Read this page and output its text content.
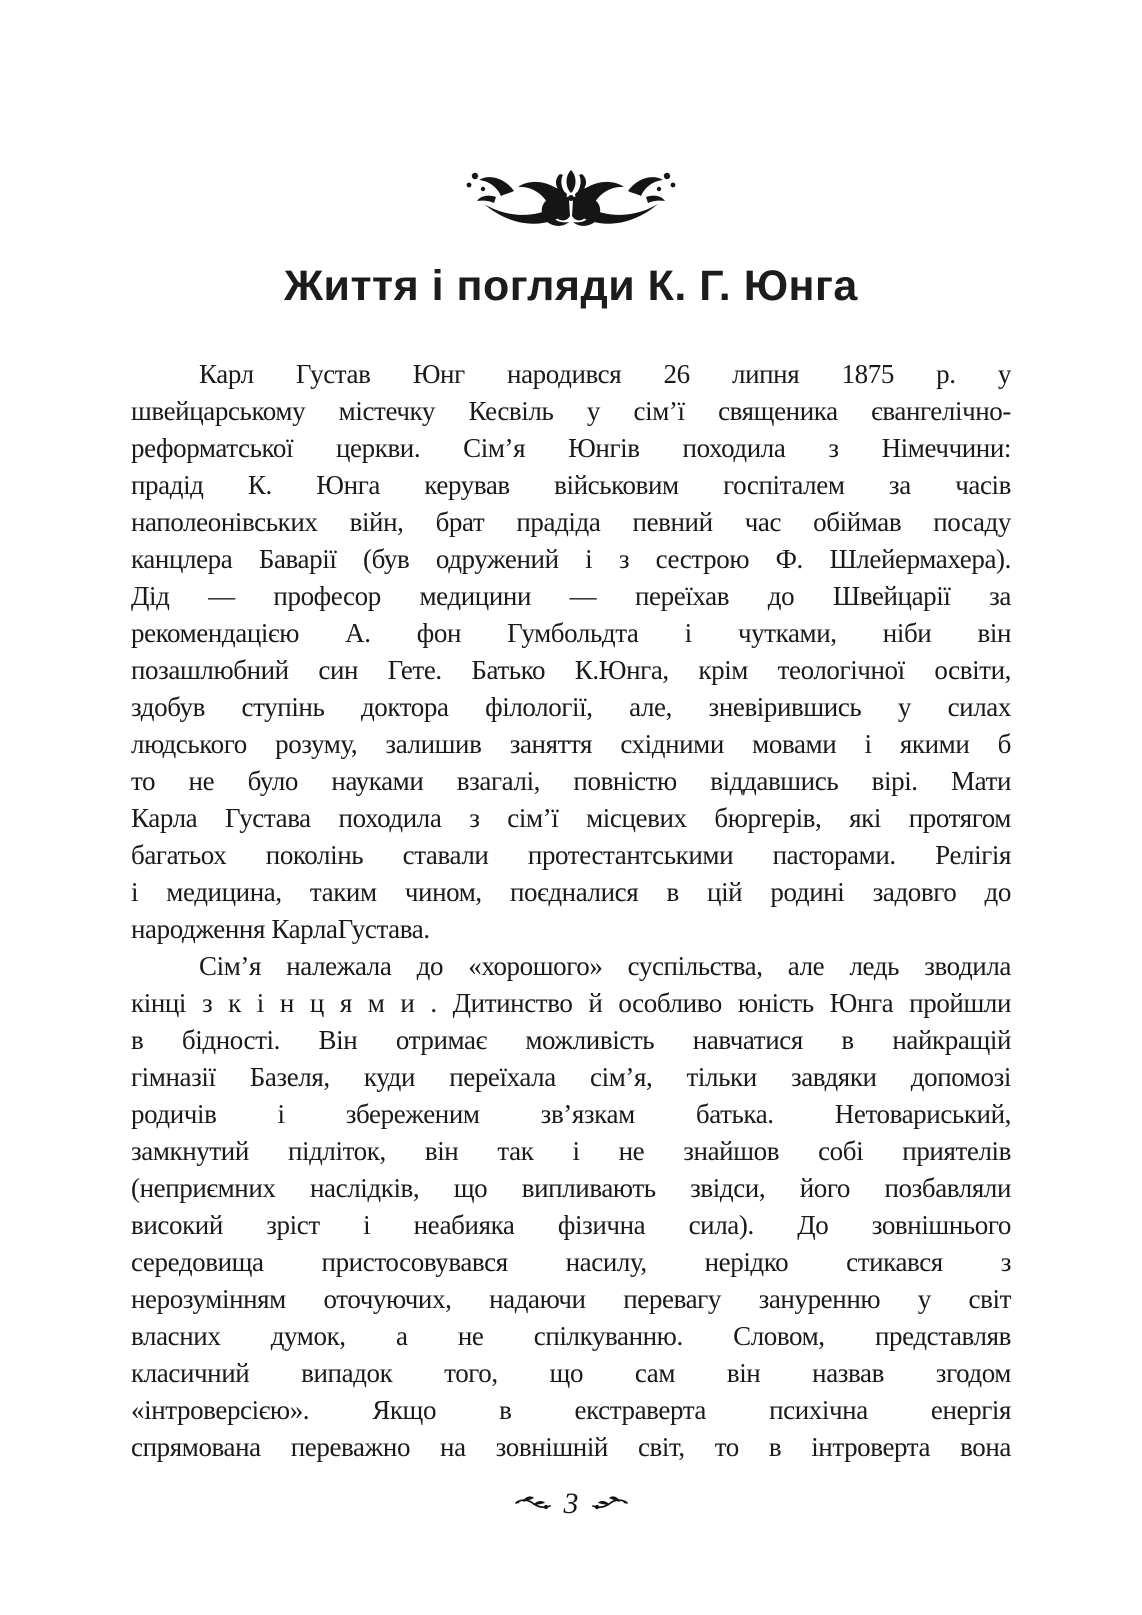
Життя і погляди К. Г. Юнга
Карл Густав Юнг народився 26 липня 1875 р. у
швейцарському містечку Кесвіль у сім’ї священика євангелічно-
реформатської церкви. Сім’я Юнгів походила з Німеччини:
прадід К. Юнга керував військовим госпіталем за часів
наполеонівських війн, брат прадіда певний час обіймав посаду
канцлера Баварії (був одружений і з сестрою Ф. Шлейермахера).
Дід — професор медицини — переїхав до Швейцарії за
рекомендацією А. фон Гумбольдта і чутками, ніби він
позашлюбний син Гете. Батько К.Юнга, крім теологічної освіти,
здобув ступінь доктора філології, але, зневірившись у силах
людського розуму, залишив заняття східними мовами і якими б
то не було науками взагалі, повністю віддавшись вірі. Мати
Карла Густава походила з сім’ї місцевих бюргерів, які протягом
багатьох поколінь ставали протестантськими пасторами. Релігія
і медицина, таким чином, поєдналися в цій родині задовго до
народження КарлаГустава.
Сім’я належала до «хорошого» суспільства, але ледь зводила
кінці з к і н ц я м и . Дитинство й особливо юність Юнга пройшли
в бідності. Він отримає можливість навчатися в найкращій
гімназії Базеля, куди переїхала сім’я, тільки завдяки допомозі
родичів і збереженим зв’язкам батька. Нетовариський,
замкнутий підліток, він так і не знайшов собі приятелів
(неприємних наслідків, що випливають звідси, його позбавляли
високий зріст і неабияка фізична сила). До зовнішнього
середовища пристосовувався насилу, нерідко стикався з
нерозумінням оточуючих, надаючи перевагу зануренню у світ
власних думок, а не спілкуванню. Словом, представляв
класичний випадок того, що сам він назвав згодом
«інтроверсією». Якщо в екстраверта психічна енергія
спрямована переважно на зовнішній світ, то в інтроверта вона
3
